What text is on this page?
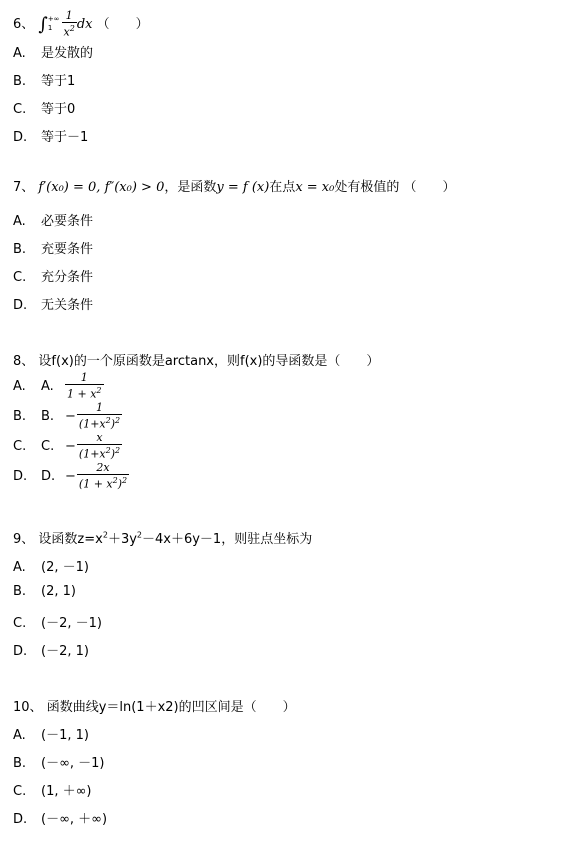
6、 ∫ +∞
$1 \frac{1}{x^2}$ dx （　　）
A. 是发散的
B. 等于1
C. 等于0
D. 等于－1
7、 f′(x₀) = 0, f″(x₀) > 0，是函数y = f (x)在点x = x₀处有极值的 （　　）
A. 必要条件
B. 充要条件
C. 充分条件
D. 无关条件
8、 设f(x)的一个原函数是arctanx，则f(x)的导函数是（　　）
A. A. $\frac{1}{1 + x^2}$
B. B. − $\frac{1}{(1+x^2)^2}$
C. C. − $\frac{x}{(1+x^2)^2}$
D. D. − $\frac{2x}{(1 + x^2)^2}$
9、 设函数$z=x^2+3y^2-4x+6y-1$，则驻点坐标为
A. (2, －1)
B. (2, 1)
C. (－2, －1)
D. (－2, 1)
10、 函数曲线y＝ln(1＋x2)的凹区间是（　　）
A. (－1, 1)
B. (－∞, －1)
C. (1, ＋∞)
D. (－∞, ＋∞)
